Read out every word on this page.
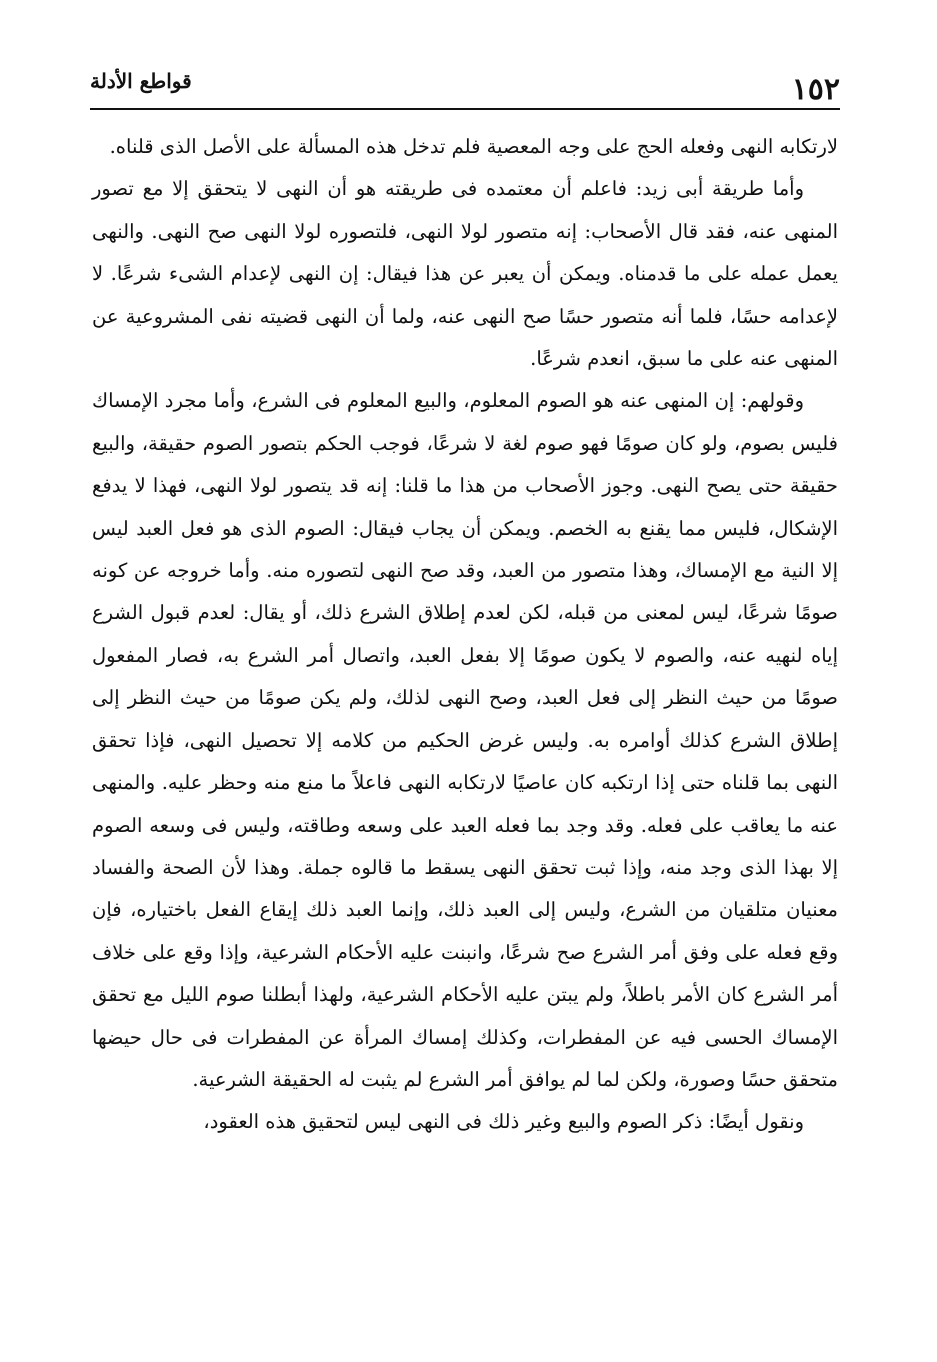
١٥٢
قواطع الأدلة

لارتكابه النهى وفعله الحج على وجه المعصية فلم تدخل هذه المسألة على الأصل الذى قلناه.

وأما طريقة أبى زيد: فاعلم أن معتمده فى طريقته هو أن النهى لا يتحقق إلا مع تصور المنهى عنه، فقد قال الأصحاب: إنه متصور لولا النهى، فلتصوره لولا النهى صح النهى. والنهى يعمل عمله على ما قدمناه. ويمكن أن يعبر عن هذا فيقال: إن النهى لإعدام الشىء شرعًا. لا لإعدامه حسًا، فلما أنه متصور حسًا صح النهى عنه، ولما أن النهى قضيته نفى المشروعية عن المنهى عنه على ما سبق، انعدم شرعًا.

وقولهم: إن المنهى عنه هو الصوم المعلوم، والبيع المعلوم فى الشرع، وأما مجرد الإمساك فليس بصوم، ولو كان صومًا فهو صوم لغة لا شرعًا، فوجب الحكم بتصور الصوم حقيقة، والبيع حقيقة حتى يصح النهى. وجوز الأصحاب من هذا ما قلنا: إنه قد يتصور لولا النهى، فهذا لا يدفع الإشكال، فليس مما يقنع به الخصم. ويمكن أن يجاب فيقال: الصوم الذى هو فعل العبد ليس إلا النية مع الإمساك، وهذا متصور من العبد، وقد صح النهى لتصوره منه. وأما خروجه عن كونه صومًا شرعًا، ليس لمعنى من قبله، لكن لعدم إطلاق الشرع ذلك، أو يقال: لعدم قبول الشرع إياه لنهيه عنه، والصوم لا يكون صومًا إلا بفعل العبد، واتصال أمر الشرع به، فصار المفعول صومًا من حيث النظر إلى فعل العبد، وصح النهى لذلك، ولم يكن صومًا من حيث النظر إلى إطلاق الشرع كذلك أوامره به. وليس غرض الحكيم من كلامه إلا تحصيل النهى، فإذا تحقق النهى بما قلناه حتى إذا ارتكبه كان عاصيًا لارتكابه النهى فاعلاً ما منع منه وحظر عليه. والمنهى عنه ما يعاقب على فعله. وقد وجد بما فعله العبد على وسعه وطاقته، وليس فى وسعه الصوم إلا بهذا الذى وجد منه، وإذا ثبت تحقق النهى يسقط ما قالوه جملة. وهذا لأن الصحة والفساد معنيان متلقيان من الشرع، وليس إلى العبد ذلك، وإنما العبد ذلك إيقاع الفعل باختياره، فإن وقع فعله على وفق أمر الشرع صح شرعًا، وانبنت عليه الأحكام الشرعية، وإذا وقع على خلاف أمر الشرع كان الأمر باطلاً، ولم يبتن عليه الأحكام الشرعية، ولهذا أبطلنا صوم الليل مع تحقق الإمساك الحسى فيه عن المفطرات، وكذلك إمساك المرأة عن المفطرات فى حال حيضها متحقق حسًا وصورة، ولكن لما لم يوافق أمر الشرع لم يثبت له الحقيقة الشرعية.

ونقول أيضًا: ذكر الصوم والبيع وغير ذلك فى النهى ليس لتحقيق هذه العقود،
